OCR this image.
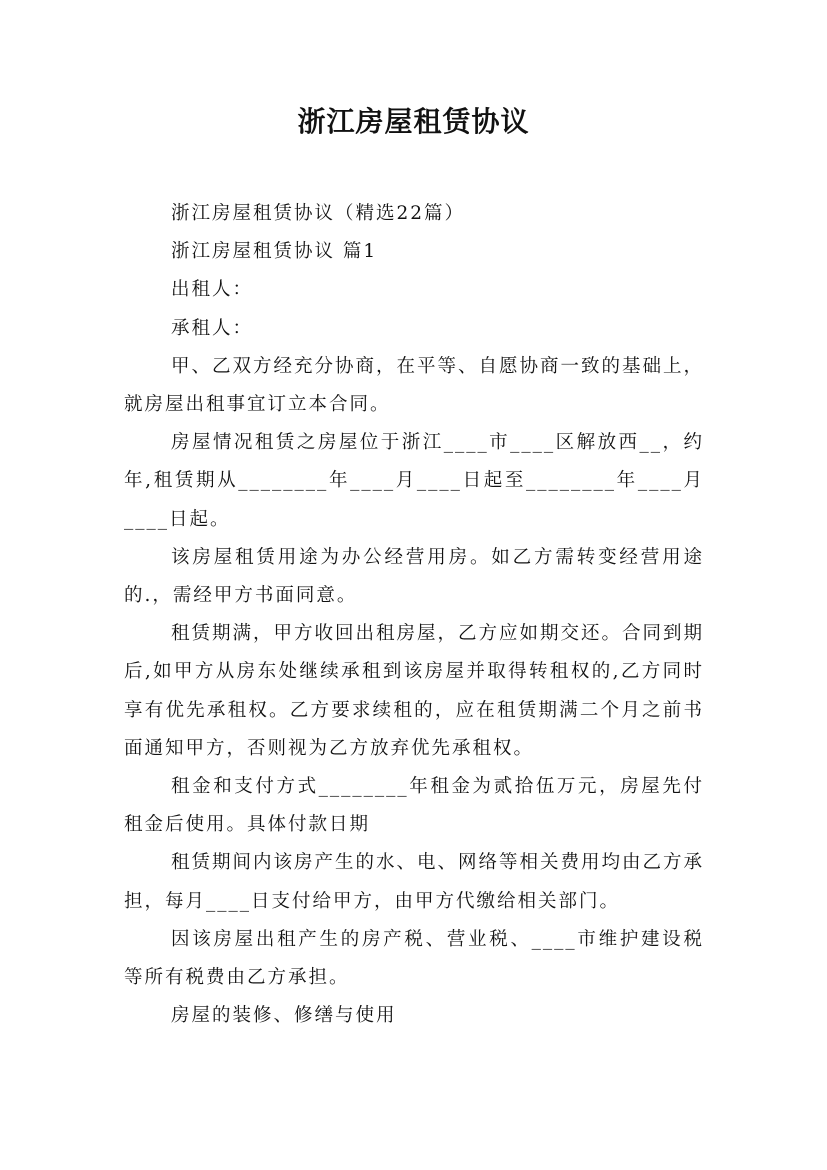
浙江房屋租赁协议

浙江房屋租赁协议（精选22篇）

浙江房屋租赁协议 篇1

出租人：

承租人：

甲、乙双方经充分协商，在平等、自愿协商一致的基础上，就房屋出租事宜订立本合同。

房屋情况租赁之房屋位于浙江____市____区解放西__，约年,租赁期从________年____月____日起至________年____月____日起。

该房屋租赁用途为办公经营用房。如乙方需转变经营用途的.，需经甲方书面同意。

租赁期满，甲方收回出租房屋，乙方应如期交还。合同到期后,如甲方从房东处继续承租到该房屋并取得转租权的,乙方同时享有优先承租权。乙方要求续租的，应在租赁期满二个月之前书面通知甲方，否则视为乙方放弃优先承租权。

租金和支付方式________年租金为贰拾伍万元，房屋先付租金后使用。具体付款日期

租赁期间内该房产生的水、电、网络等相关费用均由乙方承担，每月____日支付给甲方，由甲方代缴给相关部门。

因该房屋出租产生的房产税、营业税、____市维护建设税等所有税费由乙方承担。

房屋的装修、修缮与使用
